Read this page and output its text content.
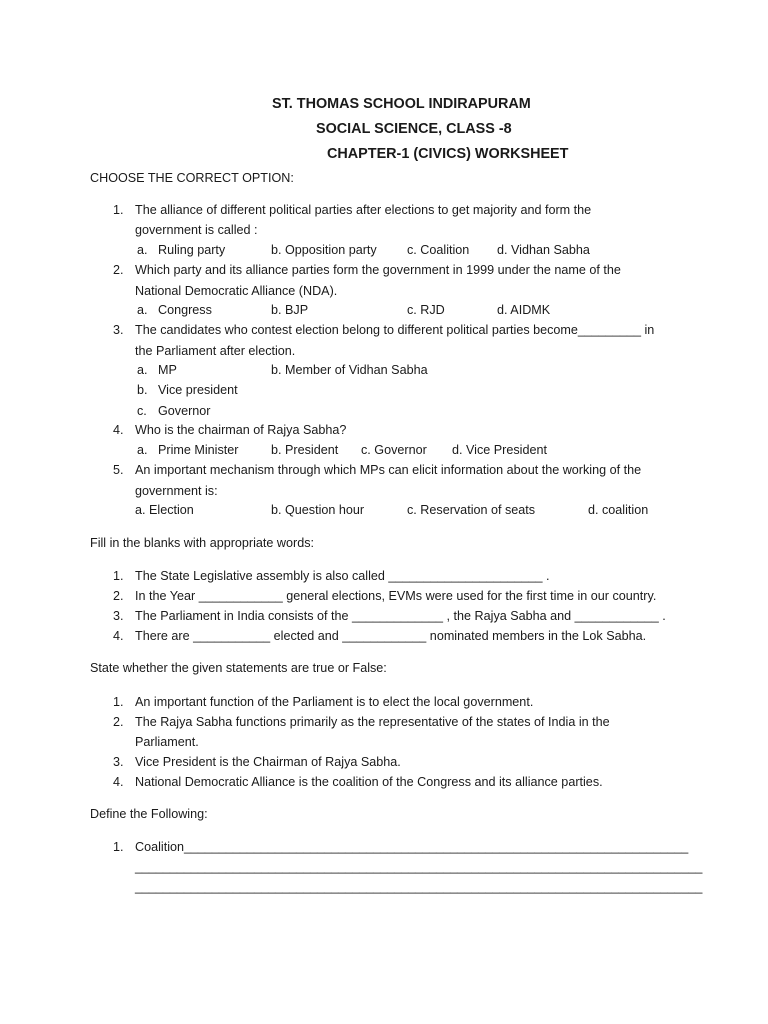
ST. THOMAS SCHOOL INDIRAPURAM
SOCIAL SCIENCE, CLASS -8
CHAPTER-1 (CIVICS) WORKSHEET
CHOOSE THE CORRECT OPTION:
1. The alliance of different political parties after elections to get majority and form the
government is called :
a. Ruling party	b. Opposition party c. Coalition d. Vidhan Sabha
2. Which party and its alliance parties form the government in 1999 under the name of the
National Democratic Alliance (NDA).
a. Congress	b. BJP	c. RJD	d. AIDMK
3. The candidates who contest election belong to different political parties become_________ in
the Parliament after election.
a. MP	b. Member of Vidhan Sabha
b. Vice president
c. Governor
4. Who is the chairman of Rajya Sabha?
a. Prime Minister	b. President c. Governor d. Vice President
5. An important mechanism through which MPs can elicit information about the working of the
government is:
a. Election	b. Question hour	c. Reservation of seats	d. coalition
Fill in the blanks with appropriate words:
1. The State Legislative assembly is also called ______________________ .
2. In the Year ____________ general elections, EVMs were used for the first time in our country.
3. The Parliament in India consists of the _____________ , the Rajya Sabha and ____________ .
4. There are ___________ elected and ____________ nominated members in the Lok Sabha.
State whether the given statements are true or False:
1. An important function of the Parliament is to elect the local government.
2. The Rajya Sabha functions primarily as the representative of the states of India in the
Parliament.
3. Vice President is the Chairman of Rajya Sabha.
4. National Democratic Alliance is the coalition of the Congress and its alliance parties.
Define the Following:
1. Coalition________________________________________________________________________
_________________________________________________________________________________
_________________________________________________________________________________
